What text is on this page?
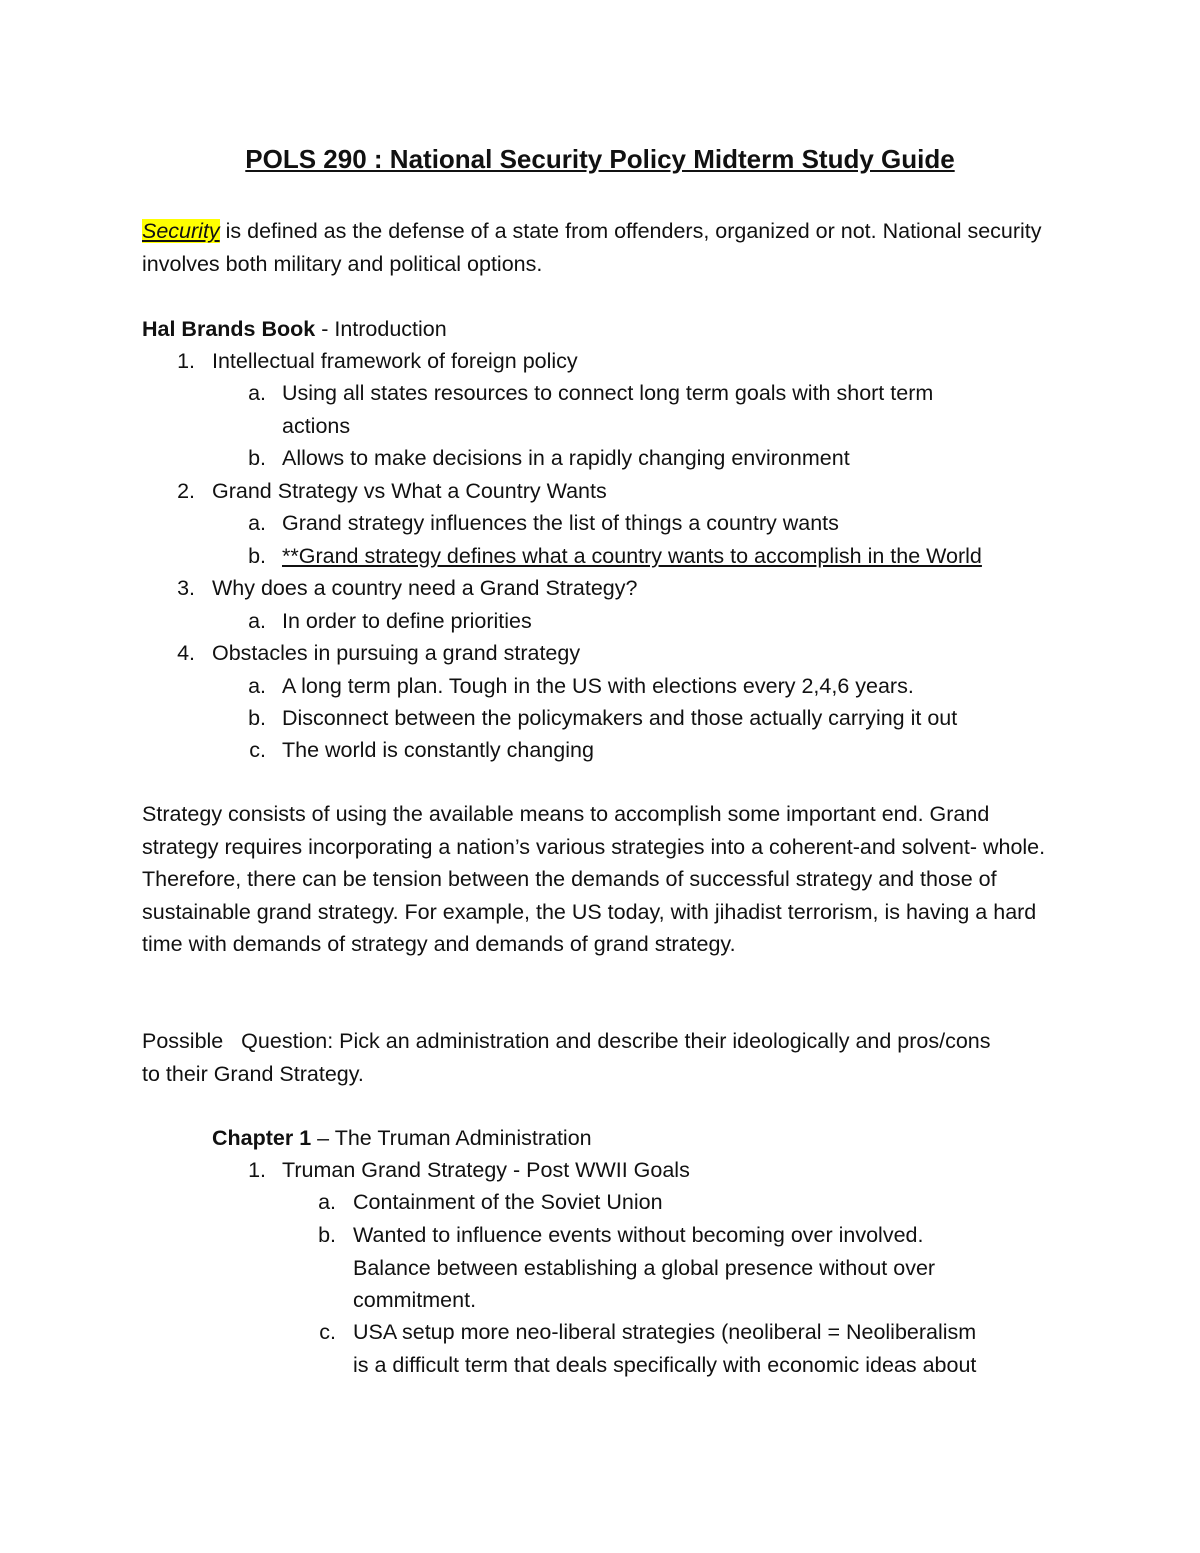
POLS 290 : National Security Policy Midterm Study Guide
Security is defined as the defense of a state from offenders, organized or not. National security involves both military and political options.
Hal Brands Book - Introduction
1. Intellectual framework of foreign policy
a. Using all states resources to connect long term goals with short term
actions
b. Allows to make decisions in a rapidly changing environment
2. Grand Strategy vs What a Country Wants
a. Grand strategy influences the list of things a country wants
b. **Grand strategy defines what a country wants to accomplish in the World
3. Why does a country need a Grand Strategy?
a. In order to define priorities
4. Obstacles in pursuing a grand strategy
a. A long term plan. Tough in the US with elections every 2,4,6 years.
b. Disconnect between the policymakers and those actually carrying it out
c. The world is constantly changing
Strategy consists of using the available means to accomplish some important end. Grand strategy requires incorporating a nation’s various strategies into a coherent-and solvent- whole. Therefore, there can be tension between the demands of successful strategy and those of sustainable grand strategy. For example, the US today, with jihadist terrorism, is having a hard time with demands of strategy and demands of grand strategy.
Possible   Question: Pick an administration and describe their ideologically and pros/cons to their Grand Strategy.
Chapter 1 – The Truman Administration
1. Truman Grand Strategy - Post WWII Goals
a. Containment of the Soviet Union
b. Wanted to influence events without becoming over involved.
Balance between establishing a global presence without over
commitment.
c. USA setup more neo-liberal strategies (neoliberal = Neoliberalism
is a difficult term that deals specifically with economic ideas about
